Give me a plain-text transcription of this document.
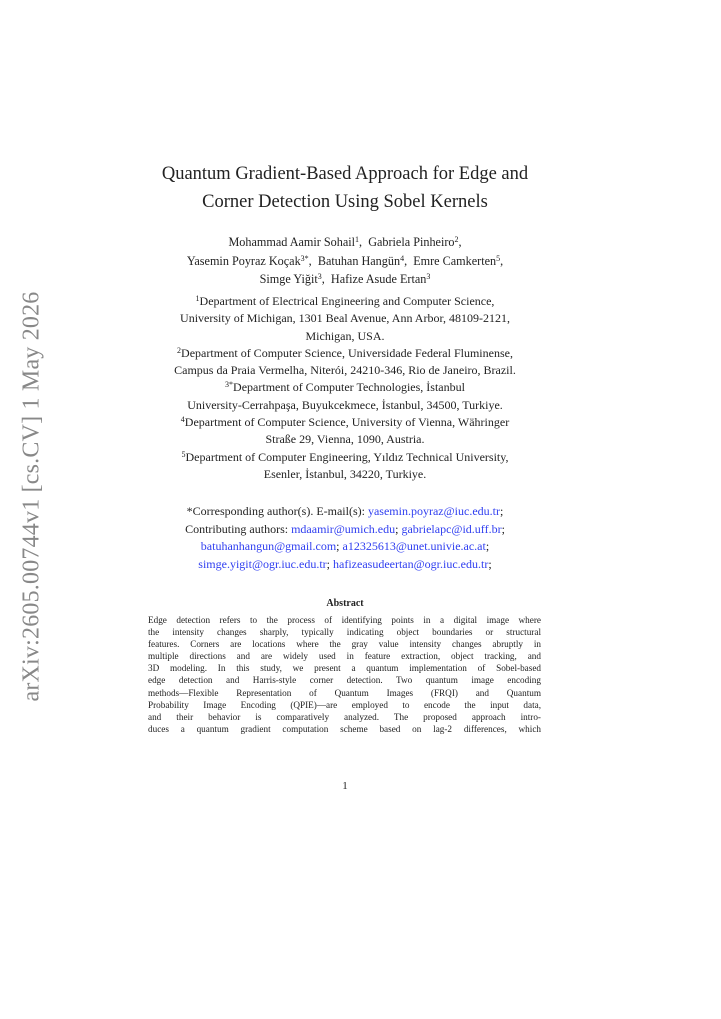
arXiv:2605.00744v1 [cs.CV] 1 May 2026
Quantum Gradient-Based Approach for Edge and
Corner Detection Using Sobel Kernels
Mohammad Aamir Sohail$^1$,  Gabriela Pinheiro$^2$,
Yasemin Poyraz Koçak$^{3*}$,  Batuhan Hangün$^4$,  Emre Camkerten$^5$,
Simge Yiğit$^3$,  Hafize Asude Ertan$^3$
$^1$Department of Electrical Engineering and Computer Science,
University of Michigan, 1301 Beal Avenue, Ann Arbor, 48109-2121,
Michigan, USA.
$^2$Department of Computer Science, Universidade Federal Fluminense,
Campus da Praia Vermelha, Niterói, 24210-346, Rio de Janeiro, Brazil.
$^{3*}$Department of Computer Technologies, İstanbul
University-Cerrahpaşa, Buyukcekmece, İstanbul, 34500, Turkiye.
$^4$Department of Computer Science, University of Vienna, Währinger
Straße 29, Vienna, 1090, Austria.
$^5$Department of Computer Engineering, Yıldız Technical University,
Esenler, İstanbul, 34220, Turkiye.
*Corresponding author(s). E-mail(s): yasemin.poyraz@iuc.edu.tr;
Contributing authors: mdaamir@umich.edu; gabrielapc@id.uff.br;
batuhanhangun@gmail.com; a12325613@unet.univie.ac.at;
simge.yigit@ogr.iuc.edu.tr; hafizeasudeertan@ogr.iuc.edu.tr;
Abstract
Edge detection refers to the process of identifying points in a digital image where
the intensity changes sharply, typically indicating object boundaries or structural
features. Corners are locations where the gray value intensity changes abruptly in
multiple directions and are widely used in feature extraction, object tracking, and
3D modeling. In this study, we present a quantum implementation of Sobel-based
edge detection and Harris-style corner detection. Two quantum image encoding
methods—Flexible Representation of Quantum Images (FRQI) and Quantum
Probability Image Encoding (QPIE)—are employed to encode the input data,
and their behavior is comparatively analyzed. The proposed approach intro-
duces a quantum gradient computation scheme based on lag-2 differences, which
1
